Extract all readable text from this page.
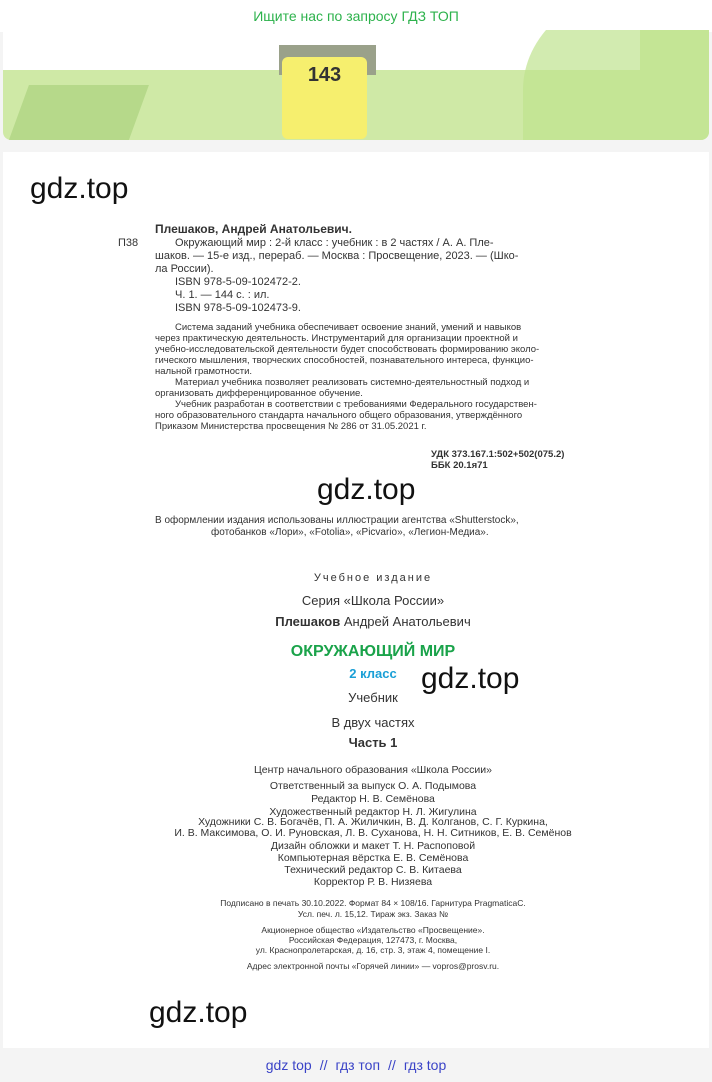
Ищите нас по запросу ГДЗ ТОП
143
gdz.top
Плешаков, Андрей Анатольевич.
П38	Окружающий мир : 2-й класс : учебник : в 2 частях / А. А. Пле-
шаков. — 15-е изд., перераб. — Москва : Просвещение, 2023. — (Шко-
ла России).
ISBN 978-5-09-102472-2.
Ч. 1. — 144 с. : ил.
ISBN 978-5-09-102473-9.
Система заданий учебника обеспечивает освоение знаний, умений и навыков
через практическую деятельность. Инструментарий для организации проектной и
учебно-исследовательской деятельности будет способствовать формированию эколо-
гического мышления, творческих способностей, познавательного интереса, функцио-
нальной грамотности.
Материал учебника позволяет реализовать системно-деятельностный подход и
организовать дифференцированное обучение.
Учебник разработан в соответствии с требованиями Федерального государствен-
ного образовательного стандарта начального общего образования, утверждённого
Приказом Министерства просвещения № 286 от 31.05.2021 г.
УДК 373.167.1:502+502(075.2)
ББК 20.1я71
gdz.top
В оформлении издания использованы иллюстрации агентства «Shutterstock»,
фотобанков «Лори», «Fotolia», «Picvario», «Легион-Медиа».
Учебное издание
Серия «Школа России»
Плешаков Андрей Анатольевич
ОКРУЖАЮЩИЙ МИР
2 класс
Учебник
gdz.top
В двух частях
Часть 1
Центр начального образования «Школа России»
Ответственный за выпуск О. А. Подымова
Редактор Н. В. Семёнова
Художественный редактор Н. Л. Жигулина
Художники С. В. Богачёв, П. А. Жиличкин, В. Д. Колганов, С. Г. Куркина,
И. В. Максимова, О. И. Руновская, Л. В. Суханова, Н. Н. Ситников, Е. В. Семёнов
Дизайн обложки и макет Т. Н. Распоповой
Компьютерная вёрстка Е. В. Семёнова
Технический редактор С. В. Китаева
Корректор Р. В. Низяева
Подписано в печать 30.10.2022. Формат 84 × 108/16. Гарнитура PragmaticaC.
Усл. печ. л. 15,12. Тираж экз. Заказ №
Акционерное общество «Издательство «Просвещение».
Российская Федерация, 127473, г. Москва,
ул. Краснопролетарская, д. 16, стр. 3, этаж 4, помещение I.
Адрес электронной почты «Горячей линии» — vopros@prosv.ru.
gdz.top
gdz top // гдз топ // гдз top
